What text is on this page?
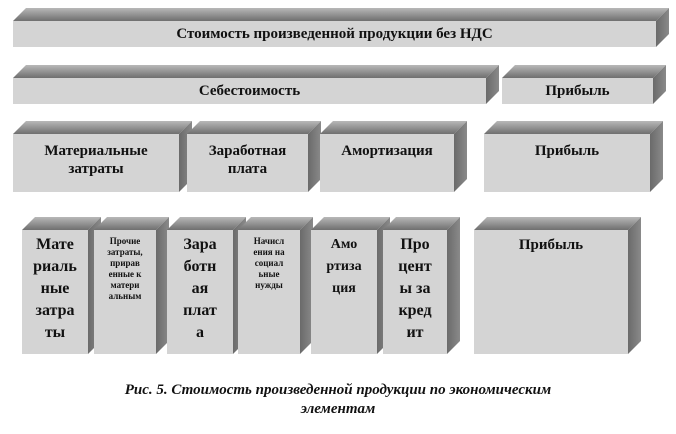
Стоимость произведенной продукции без НДС
Себестоимость	Прибыль
Материальные
затраты
Заработная
плата
Амортизация	Прибыль
Мате
риаль
ные
затра
ты
Прочие
затраты,
прирав
енные к
матери
альным
Зара
ботн
ая
плат
а
Начисл
ения на
социал
ьные
нужды
Амо
ртиза
ция
Про
цент
ы за
кред
ит
Прибыль
Рис. 5. Стоимость произведенной продукции по экономическим
элементам
